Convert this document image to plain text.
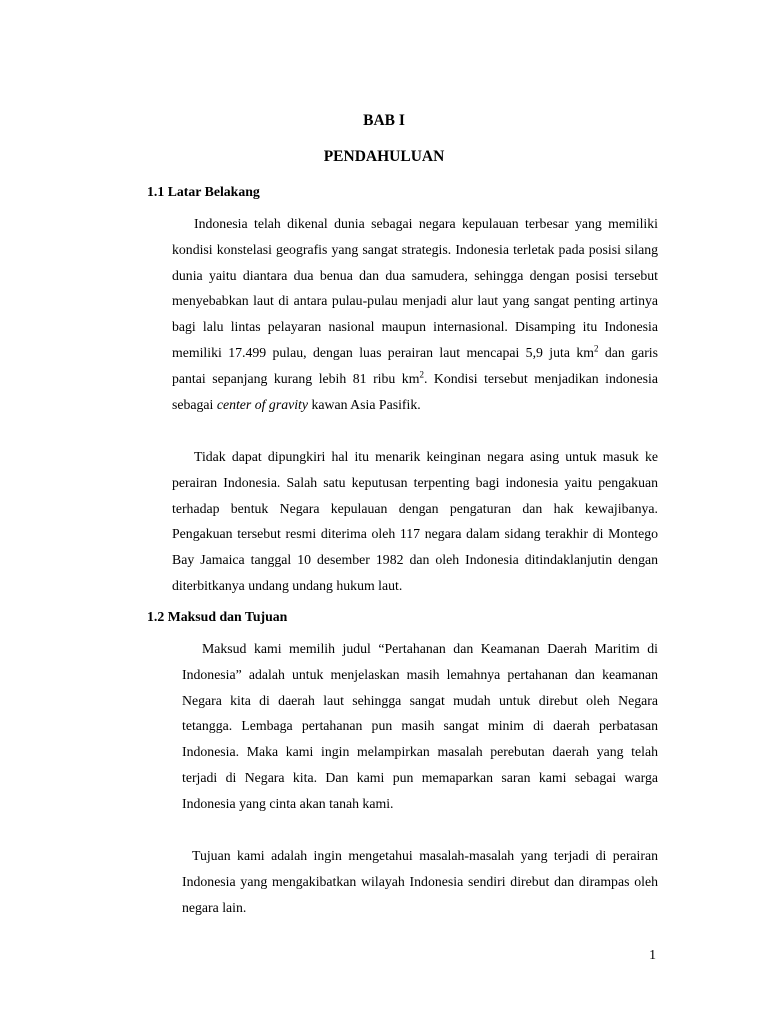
BAB I
PENDAHULUAN
1.1 Latar Belakang

Indonesia telah dikenal dunia sebagai negara kepulauan terbesar yang memiliki kondisi konstelasi geografis yang sangat strategis. Indonesia terletak pada posisi silang dunia yaitu diantara dua benua dan dua samudera, sehingga dengan posisi tersebut menyebabkan laut di antara pulau-pulau menjadi alur laut yang sangat penting artinya bagi lalu lintas pelayaran nasional maupun internasional. Disamping itu Indonesia memiliki 17.499 pulau, dengan luas perairan laut mencapai 5,9 juta $km^2$ dan garis pantai sepanjang kurang lebih 81 ribu $km^2$. Kondisi tersebut menjadikan indonesia sebagai center of gravity kawan Asia Pasifik.

Tidak dapat dipungkiri hal itu menarik keinginan negara asing untuk masuk ke perairan Indonesia. Salah satu keputusan terpenting bagi indonesia yaitu pengakuan terhadap bentuk Negara kepulauan dengan pengaturan dan hak kewajibanya. Pengakuan tersebut resmi diterima oleh 117 negara dalam sidang terakhir di Montego Bay Jamaica tanggal 10 desember 1982 dan oleh Indonesia ditindaklanjutin dengan diterbitkanya undang undang hukum laut.

1.2 Maksud dan Tujuan

Maksud kami memilih judul “Pertahanan dan Keamanan Daerah Maritim di Indonesia” adalah untuk menjelaskan masih lemahnya pertahanan dan keamanan Negara kita di daerah laut sehingga sangat mudah untuk direbut oleh Negara tetangga. Lembaga pertahanan pun masih sangat minim di daerah perbatasan Indonesia. Maka kami ingin melampirkan masalah perebutan daerah yang telah terjadi di Negara kita. Dan kami pun memaparkan saran kami sebagai warga Indonesia yang cinta akan tanah kami.

Tujuan kami adalah ingin mengetahui masalah-masalah yang terjadi di perairan Indonesia yang mengakibatkan wilayah Indonesia sendiri direbut dan dirampas oleh negara lain.

1
